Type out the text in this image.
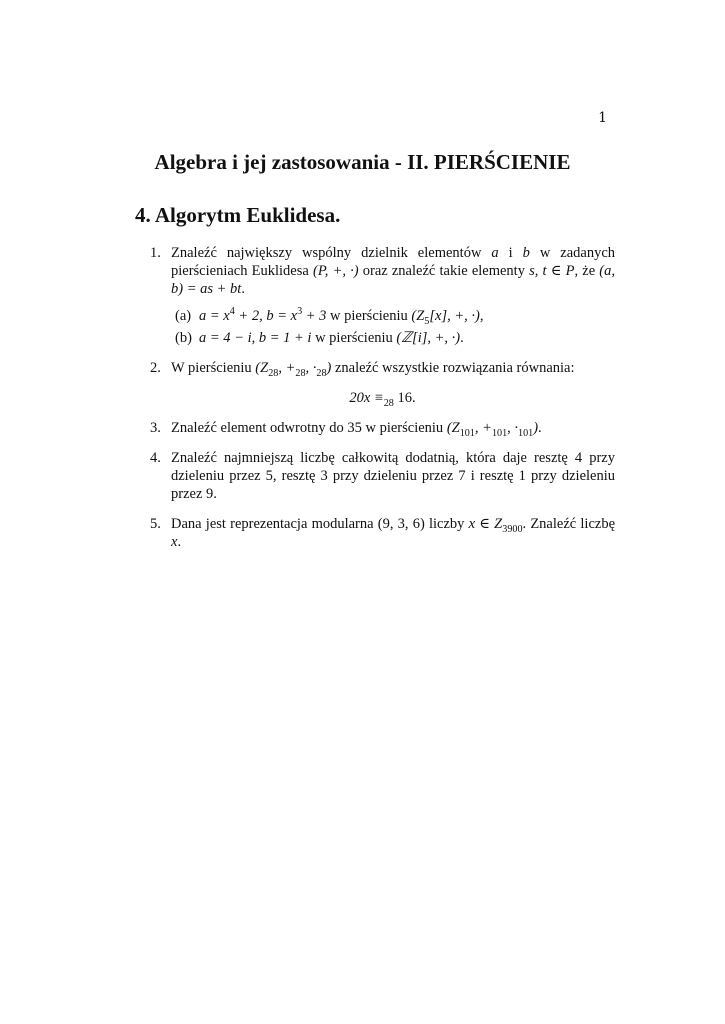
1
Algebra i jej zastosowania - II. PIERŚCIENIE
4. Algorytm Euklidesa.
1. Znaleźć największy wspólny dzielnik elementów a i b w zadanych pierścieniach Euklidesa (P, +, ·) oraz znaleźć takie elementy s, t ∈ P, że (a, b) = as + bt.
(a) $a = x^4 + 2$, $b = x^3 + 3$ w pierścieniu ($Z_5[x]$, +, ·),
(b) a = 4 − i, b = 1 + i w pierścieniu (ℤ[i], +, ·).
2. W pierścieniu ($Z_{28}$, $+_{28}$, $\cdot_{28}$) znaleźć wszystkie rozwiązania równania:
$20x \equiv_{28}$ 16.
3. Znaleźć element odwrotny do 35 w pierścieniu ($Z_{101}$, $+_{101}$, $\cdot_{101}$).
4. Znaleźć najmniejszą liczbę całkowitą dodatnią, która daje resztę 4 przy dzieleniu przez 5, resztę 3 przy dzieleniu przez 7 i resztę 1 przy dzieleniu przez 9.
5. Dana jest reprezentacja modularna (9, 3, 6) liczby x ∈ $Z_{3900}$. Znaleźć liczbę x.
